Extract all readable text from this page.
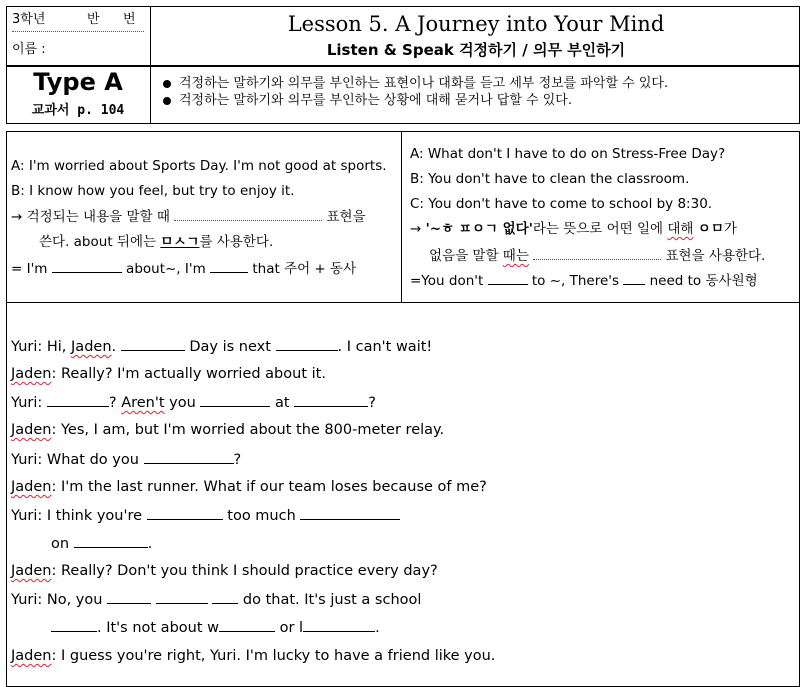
3학년	반 번
이름 :
Lesson 5. A Journey into Your Mind
Listen & Speak 걱정하기 / 의무 부인하기
Type A
교과서 p. 104
걱정하는 말하기와 의무를 부인하는 표현이나 대화를 듣고 세부 정보를 파악할 수 있다.
걱정하는 말하기와 의무를 부인하는 상황에 대해 묻거나 답할 수 있다.
A: I'm worried about Sports Day. I'm not good at sports.
B: I know how you feel, but try to enjoy it.
→ 걱정되는 내용을 말할 때	표현을
쓴다. about 뒤에는 ㅁㅅㄱ를 사용한다.
= I'm	about~, I'm	that 주어 + 동사
A: What don't I have to do on Stress-Free Day?
B: You don't have to clean the classroom.
C: You don't have to come to school by 8:30.
→ '~ㅎ ㅍㅇㄱ 없다'라는 뜻으로 어떤 일에 대해 ㅇㅁ가
없음을 말할 때는	표현을 사용한다.
=You don't	to ~, There's need to 동사원형
Yuri: Hi, Jaden.	Day is next	. I can't wait!
Jaden: Really? I'm actually worried about it.
Yuri:	? Aren't you	at	?
Jaden: Yes, I am, but I'm worried about the 800-meter relay.
Yuri: What do you	?
Jaden: I'm the last runner. What if our team loses because of me?
Yuri: I think you're	too much
on	.
Jaden: Really? Don't you think I should practice every day?
Yuri: No, you	do that. It's just a school
. It's not about w	or l	.
Jaden: I guess you're right, Yuri. I'm lucky to have a friend like you.
